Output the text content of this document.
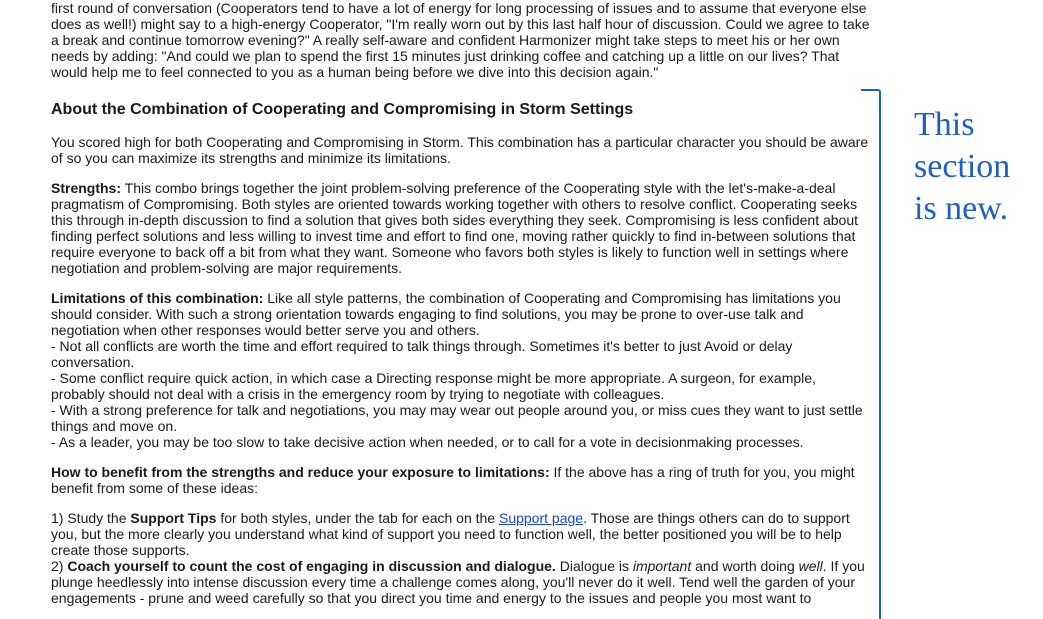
first round of conversation (Cooperators tend to have a lot of energy for long processing of issues and to assume that everyone else does as well!) might say to a high-energy Cooperator, "I'm really worn out by this last half hour of discussion. Could we agree to take a break and continue tomorrow evening?" A really self-aware and confident Harmonizer might take steps to meet his or her own needs by adding: "And could we plan to spend the first 15 minutes just drinking coffee and catching up a little on our lives? That would help me to feel connected to you as a human being before we dive into this decision again."

About the Combination of Cooperating and Compromising in Storm Settings

You scored high for both Cooperating and Compromising in Storm. This combination has a particular character you should be aware of so you can maximize its strengths and minimize its limitations.

Strengths: This combo brings together the joint problem-solving preference of the Cooperating style with the let's-make-a-deal pragmatism of Compromising. Both styles are oriented towards working together with others to resolve conflict. Cooperating seeks this through in-depth discussion to find a solution that gives both sides everything they seek. Compromising is less confident about finding perfect solutions and less willing to invest time and effort to find one, moving rather quickly to find in-between solutions that require everyone to back off a bit from what they want. Someone who favors both styles is likely to function well in settings where negotiation and problem-solving are major requirements.

Limitations of this combination: Like all style patterns, the combination of Cooperating and Compromising has limitations you should consider. With such a strong orientation towards engaging to find solutions, you may be prone to over-use talk and negotiation when other responses would better serve you and others.
- Not all conflicts are worth the time and effort required to talk things through. Sometimes it's better to just Avoid or delay conversation.
- Some conflict require quick action, in which case a Directing response might be more appropriate. A surgeon, for example, probably should not deal with a crisis in the emergency room by trying to negotiate with colleagues.
- With a strong preference for talk and negotiations, you may may wear out people around you, or miss cues they want to just settle things and move on.
- As a leader, you may be too slow to take decisive action when needed, or to call for a vote in decisionmaking processes.

How to benefit from the strengths and reduce your exposure to limitations: If the above has a ring of truth for you, you might benefit from some of these ideas:

1) Study the Support Tips for both styles, under the tab for each on the Support page. Those are things others can do to support you, but the more clearly you understand what kind of support you need to function well, the better positioned you will be to help create those supports.

2) Coach yourself to count the cost of engaging in discussion and dialogue. Dialogue is important and worth doing well. If you plunge heedlessly into intense discussion every time a challenge comes along, you'll never do it well. Tend well the garden of your engagements - prune and weed carefully so that you direct you time and energy to the issues and people you most want to

This
section
is new.
